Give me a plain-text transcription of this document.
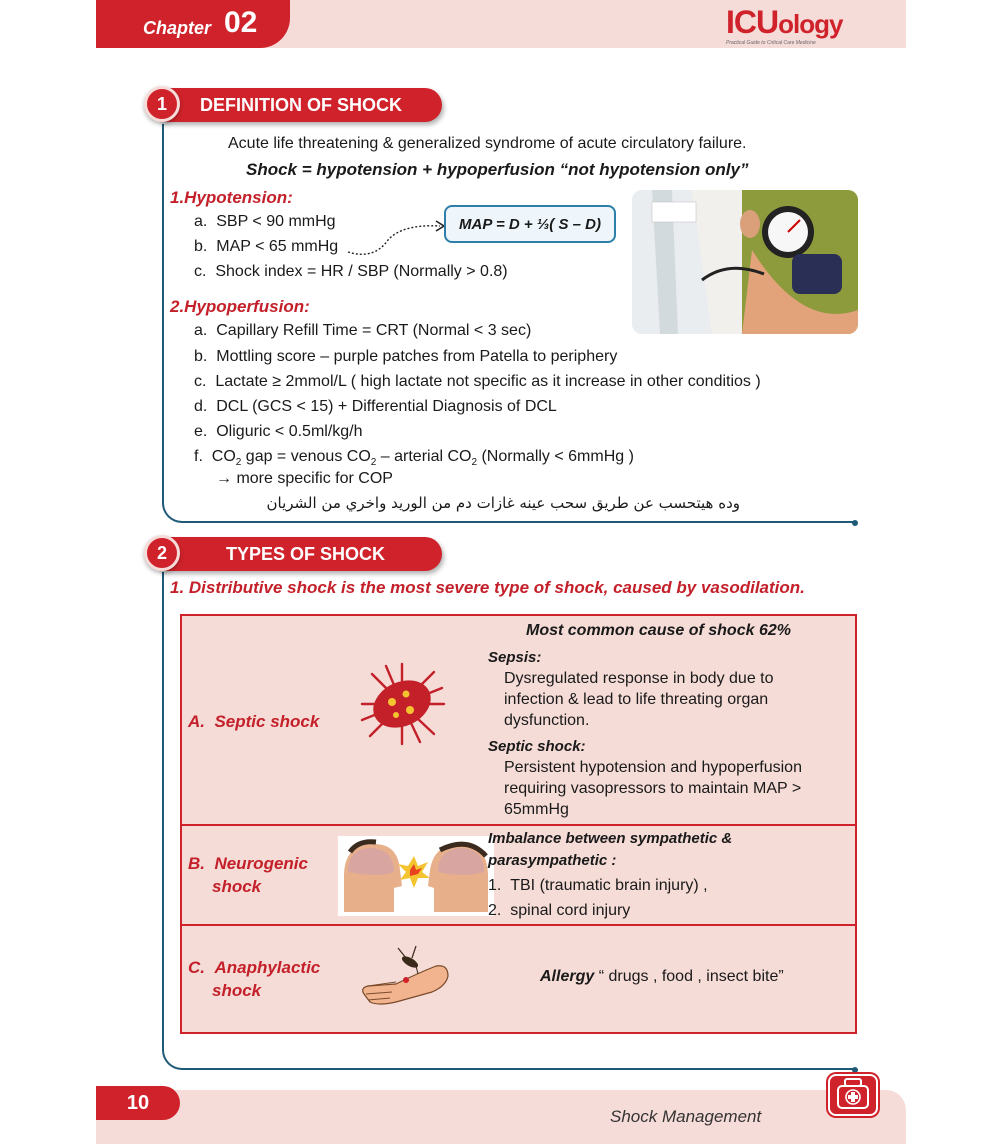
Chapter 02	ICUology
Practical Guide to Critical Care Medicine
DEFINITION OF SHOCK
1
Acute life threatening & generalized syndrome of acute circulatory failure.
Shock = hypotension + hypoperfusion “not hypotension only”
1.Hypotension:
a. SBP < 90 mmHg
b. MAP < 65 mmHg
c. Shock index = HR / SBP (Normally > 0.8)
MAP = D + ⅓( S – D)
2.Hypoperfusion:
a. Capillary Refill Time = CRT (Normal < 3 sec)
b. Mottling score – purple patches from Patella to periphery
c. Lactate ≥ 2mmol/L ( high lactate not specific as it increase in other conditios )
d. DCL (GCS < 15) + Differential Diagnosis of DCL
e. Oliguric < 0.5ml/kg/h
f. $CO_2$ gap = venous $CO_2$ – arterial $CO_2$ (Normally < 6mmHg )
→ more specific for COP
وده هيتحسب عن طريق سحب عينه غازات دم من الوريد واخري من الشريان
TYPES OF SHOCK
2
1. Distributive shock is the most severe type of shock, caused by vasodilation.
A. Septic shock
Most common cause of shock 62%
Sepsis:
Dysregulated response in body due to
infection & lead to life threating organ
dysfunction.
Septic shock:
Persistent hypotension and hypoperfusion
requiring vasopressors to maintain MAP >
65mmHg
B. Neurogenic
shock
Imbalance between sympathetic &
parasympathetic :
1. TBI (traumatic brain injury) ,
2. spinal cord injury
C. Anaphylactic
shock
Allergy “ drugs , food , insect bite”
10
Shock Management
